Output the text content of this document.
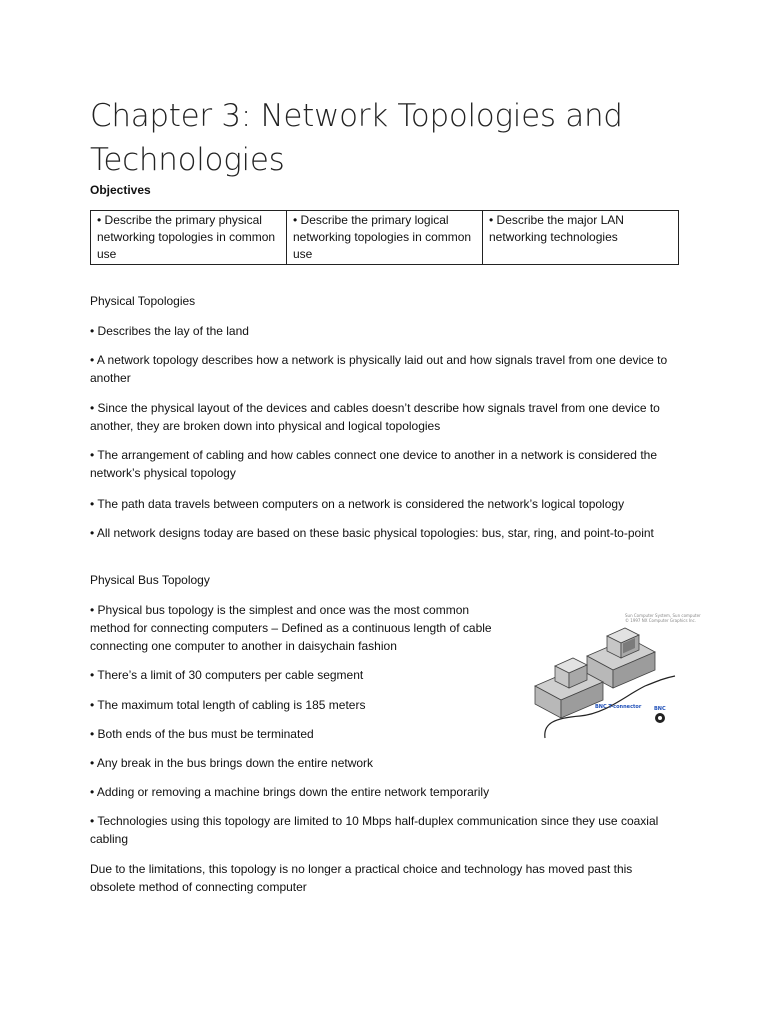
Chapter 3: Network Topologies and Technologies
Objectives
• Describe the primary physical networking topologies in common use	• Describe the primary logical networking topologies in common use	• Describe the major LAN networking technologies
Physical Topologies
• Describes the lay of the land
• A network topology describes how a network is physically laid out and how signals travel from one device to another
• Since the physical layout of the devices and cables doesn’t describe how signals travel from one device to another, they are broken down into physical and logical topologies
• The arrangement of cabling and how cables connect one device to another in a network is considered the network’s physical topology
• The path data travels between computers on a network is considered the network’s logical topology
• All network designs today are based on these basic physical topologies: bus, star, ring, and point-to-point
Physical Bus Topology
• Physical bus topology is the simplest and once was the most common method for connecting computers – Defined as a continuous length of cable connecting one computer to another in daisychain fashion
• There’s a limit of 30 computers per cable segment
• The maximum total length of cabling is 185 meters
• Both ends of the bus must be terminated
• Any break in the bus brings down the entire network
• Adding or removing a machine brings down the entire network temporarily
• Technologies using this topology are limited to 10 Mbps half-duplex communication since they use coaxial cabling
Due to the limitations, this topology is no longer a practical choice and technology has moved past this obsolete method of connecting computer
Sun Computer System, Sun computer
© 1997 NX Computer Graphics Inc.
BNC T-connector	BNC
